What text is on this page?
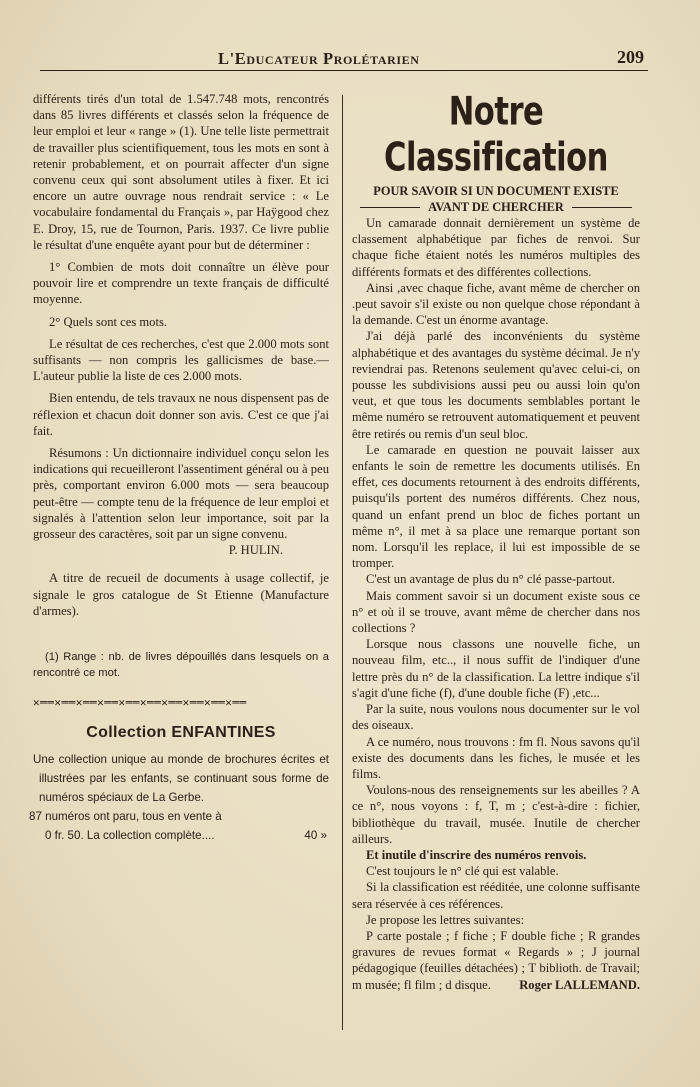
L'Educateur Prolétarien	209

différents tirés d'un total de 1.547.748 mots, rencontrés dans 85 livres différents et classés selon la fréquence de leur emploi et leur « range » (1). Une telle liste permettrait de travailler plus scientifiquement, tous les mots en sont à retenir probablement, et on pourrait affecter d'un signe convenu ceux qui sont absolument utiles à fixer. Et ici encore un autre ouvrage nous rendrait service : « Le vocabulaire fondamental du Français », par Haÿgood chez E. Droy, 15, rue de Tournon, Paris. 1937. Ce livre publie le résultat d'une enquête ayant pour but de déterminer :

1° Combien de mots doit connaître un élève pour pouvoir lire et comprendre un texte français de difficulté moyenne.

2° Quels sont ces mots.

Le résultat de ces recherches, c'est que 2.000 mots sont suffisants — non compris les gallicismes de base.— L'auteur publie la liste de ces 2.000 mots.

Bien entendu, de tels travaux ne nous dispensent pas de réflexion et chacun doit donner son avis. C'est ce que j'ai fait.

Résumons : Un dictionnaire individuel conçu selon les indications qui recueilleront l'assentiment général ou à peu près, comportant environ 6.000 mots — sera beaucoup peut-être — compte tenu de la fréquence de leur emploi et signalés à l'attention selon leur importance, soit par la grosseur des caractères, soit par un signe convenu.

P. HULIN.

A titre de recueil de documents à usage collectif, je signale le gros catalogue de St Etienne (Manufacture d'armes).

(1) Range : nb. de livres dépouillés dans lesquels on a rencontré ce mot.

✕══✕══✕══✕══✕══✕══✕══✕══✕══✕══
Collection ENFANTINES
Une collection unique au monde de brochures écrites et illustrées par les enfants, se continuant sous forme de numéros spéciaux de La Gerbe.
87 numéros ont paru, tous en vente à
0 fr. 50. La collection complète....	40 »
Notre Classification
POUR SAVOIR SI UN DOCUMENT EXISTE
AVANT DE CHERCHER

Un camarade donnait dernièrement un système de classement alphabétique par fiches de renvoi. Sur chaque fiche étaient notés les numéros multiples des différents formats et des différentes collections.

Ainsi ,avec chaque fiche, avant même de chercher on .peut savoir s'il existe ou non quelque chose répondant à la demande. C'est un énorme avantage.

J'ai déjà parlé des inconvénients du système alphabétique et des avantages du système décimal. Je n'y reviendrai pas. Retenons seulement qu'avec celui-ci, on pousse les subdivisions aussi peu ou aussi loin qu'on veut, et que tous les documents semblables portant le même numéro se retrouvent automatiquement et peuvent être retirés ou remis d'un seul bloc.

Le camarade en question ne pouvait laisser aux enfants le soin de remettre les documents utilisés. En effet, ces documents retournent à des endroits différents, puisqu'ils portent des numéros différents. Chez nous, quand un enfant prend un bloc de fiches portant un même n°, il met à sa place une remarque portant son nom. Lorsqu'il les replace, il lui est impossible de se tromper.

C'est un avantage de plus du n° clé passe-partout.

Mais comment savoir si un document existe sous ce n° et où il se trouve, avant même de chercher dans nos collections ?

Lorsque nous classons une nouvelle fiche, un nouveau film, etc.., il nous suffit de l'indiquer d'une lettre près du n° de la classification. La lettre indique s'il s'agit d'une fiche (f), d'une double fiche (F) ,etc...

Par la suite, nous voulons nous documenter sur le vol des oiseaux.

A ce numéro, nous trouvons : fm fl. Nous savons qu'il existe des documents dans les fiches, le musée et les films.

Voulons-nous des renseignements sur les abeilles ? A ce n°, nous voyons : f, T, m ; c'est-à-dire : fichier, bibliothèque du travail, musée. Inutile de chercher ailleurs.

Et inutile d'inscrire des numéros renvois.

C'est toujours le n° clé qui est valable.

Si la classification est rééditée, une colonne suffisante sera réservée à ces références.

Je propose les lettres suivantes:

P carte postale ; f fiche ; F double fiche ; R grandes gravures de revues format « Regards » ; J journal pédagogique (feuilles détachées) ; T biblioth. de Travail; m musée; fl film ; d disque.	Roger LALLEMAND.
